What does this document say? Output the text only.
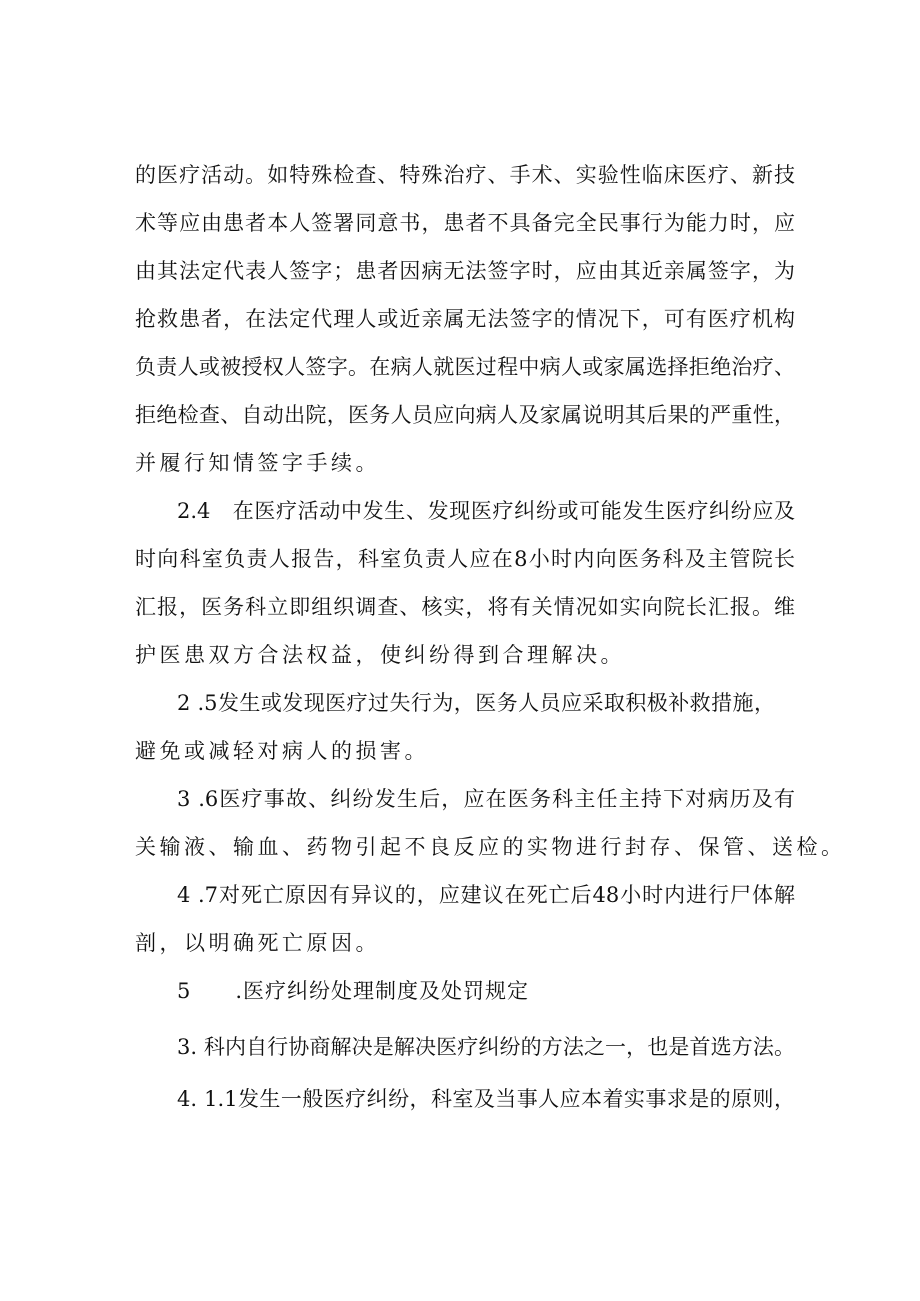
的医疗活动。如特殊检查、特殊治疗、手术、实验性临床医疗、新技
术等应由患者本人签署同意书，患者不具备完全民事行为能力时，应
由其法定代表人签字；患者因病无法签字时，应由其近亲属签字，为
抢救患者，在法定代理人或近亲属无法签字的情况下，可有医疗机构
负责人或被授权人签字。在病人就医过程中病人或家属选择拒绝治疗、
拒绝检查、自动出院，医务人员应向病人及家属说明其后果的严重性，
并履行知情签字手续。
2.4　在医疗活动中发生、发现医疗纠纷或可能发生医疗纠纷应及
时向科室负责人报告，科室负责人应在8小时内向医务科及主管院长
汇报，医务科立即组织调查、核实，将有关情况如实向院长汇报。维
护医患双方合法权益，使纠纷得到合理解决。
2 .5发生或发现医疗过失行为，医务人员应采取积极补救措施，
避免或减轻对病人的损害。
3 .6医疗事故、纠纷发生后，应在医务科主任主持下对病历及有
关输液、输血、药物引起不良反应的实物进行封存、保管、送检。
4 .7对死亡原因有异议的，应建议在死亡后48小时内进行尸体解
剖，以明确死亡原因。
5　　.医疗纠纷处理制度及处罚规定
3. 科内自行协商解决是解决医疗纠纷的方法之一，也是首选方法。
4. 1.1发生一般医疗纠纷，科室及当事人应本着实事求是的原则，
